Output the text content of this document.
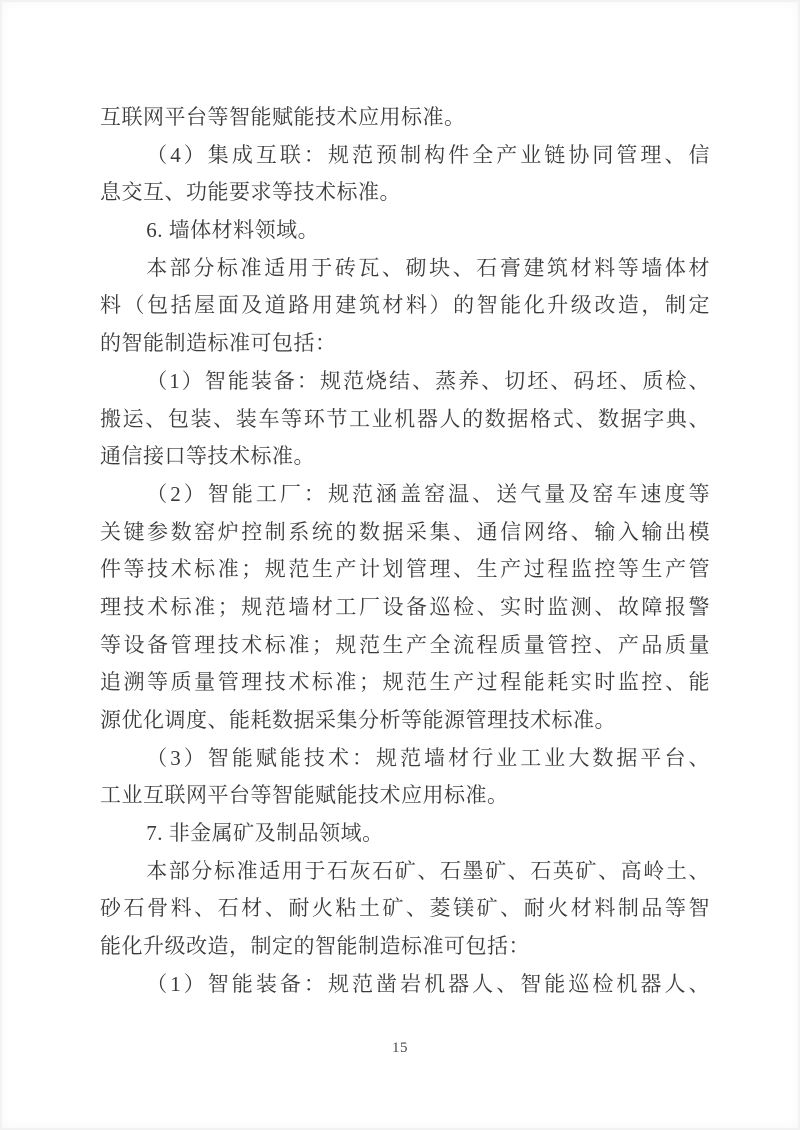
互联网平台等智能赋能技术应用标准。
（4）集成互联：规范预制构件全产业链协同管理、信
息交互、功能要求等技术标准。
6. 墙体材料领域。
本部分标准适用于砖瓦、砌块、石膏建筑材料等墙体材
料（包括屋面及道路用建筑材料）的智能化升级改造，制定
的智能制造标准可包括：
（1）智能装备：规范烧结、蒸养、切坯、码坯、质检、
搬运、包装、装车等环节工业机器人的数据格式、数据字典、
通信接口等技术标准。
（2）智能工厂：规范涵盖窑温、送气量及窑车速度等
关键参数窑炉控制系统的数据采集、通信网络、输入输出模
件等技术标准；规范生产计划管理、生产过程监控等生产管
理技术标准；规范墙材工厂设备巡检、实时监测、故障报警
等设备管理技术标准；规范生产全流程质量管控、产品质量
追溯等质量管理技术标准；规范生产过程能耗实时监控、能
源优化调度、能耗数据采集分析等能源管理技术标准。
（3）智能赋能技术：规范墙材行业工业大数据平台、
工业互联网平台等智能赋能技术应用标准。
7. 非金属矿及制品领域。
本部分标准适用于石灰石矿、石墨矿、石英矿、高岭土、
砂石骨料、石材、耐火粘土矿、菱镁矿、耐火材料制品等智
能化升级改造，制定的智能制造标准可包括：
（1）智能装备：规范凿岩机器人、智能巡检机器人、
15
